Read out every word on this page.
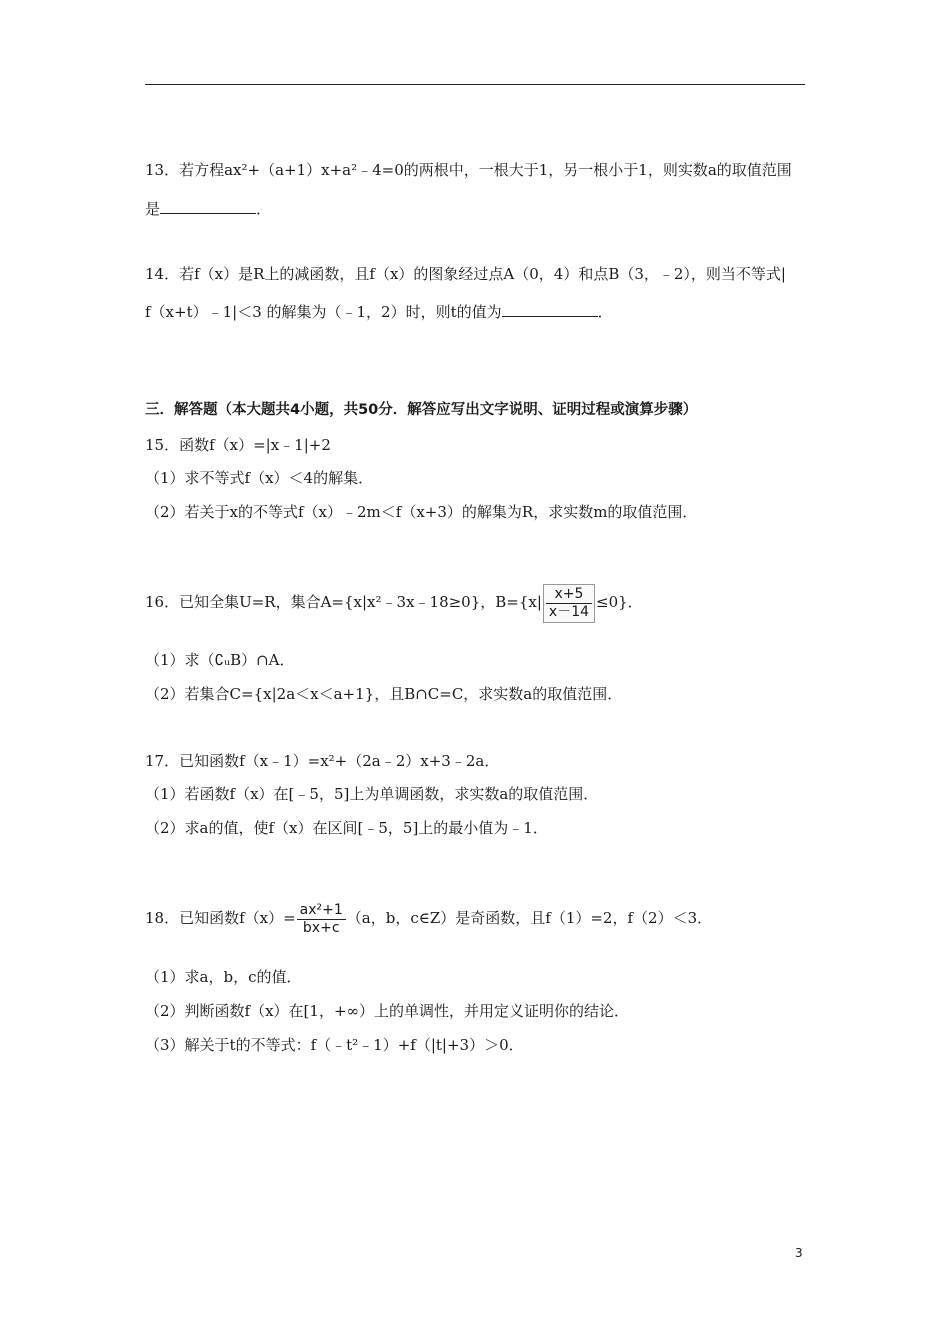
13．若方程ax²+（a+1）x+a²﹣4=0的两根中，一根大于1，另一根小于1，则实数a的取值范围
是	．
14．若f（x）是R上的减函数，且f（x）的图象经过点A（0，4）和点B（3，﹣2），则当不等式|
f（x+t）﹣1|＜3 的解集为（﹣1，2）时，则t的值为	．
三．解答题（本大题共4小题，共50分．解答应写出文字说明、证明过程或演算步骤）
15．函数f（x）=|x﹣1|+2
（1）求不等式f（x）＜4的解集．
（2）若关于x的不等式f（x）﹣2m＜f（x+3）的解集为R，求实数m的取值范围．
16．已知全集U=R，集合A={x|x²﹣3x﹣18≥0}，$B=\{x| \frac{x+5}{x-14} \le 0\}$．
（1）求（∁ᵤB）∩A．
（2）若集合C={x|2a＜x＜a+1}，且B∩C=C，求实数a的取值范围．
17．已知函数f（x﹣1）=x²+（2a﹣2）x+3﹣2a．
（1）若函数f（x）在[﹣5，5]上为单调函数，求实数a的取值范围．
（2）求a的值，使f（x）在区间[﹣5，5]上的最小值为﹣1．
18．已知函数$f(x)= \frac{\text{ax²+1}}{bx+c} (a$，b，c∈Z）是奇函数，且f（1）=2，f（2）＜3．
（1）求a，b，c的值．
（2）判断函数f（x）在[1，+∞）上的单调性，并用定义证明你的结论．
（3）解关于t的不等式：f（﹣t²﹣1）+f（|t|+3）＞0．
3
